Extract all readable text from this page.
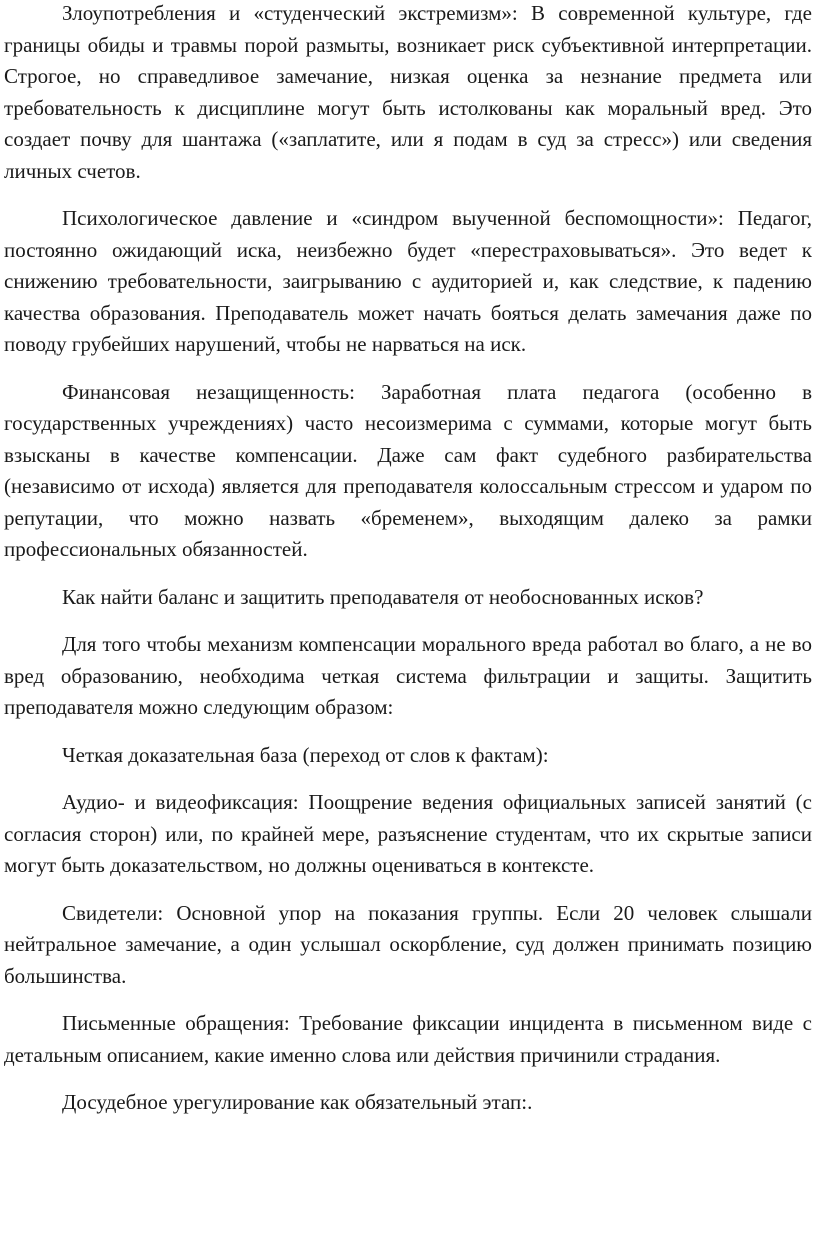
Злоупотребления и «студенческий экстремизм»: В современной культуре, где границы обиды и травмы порой размыты, возникает риск субъективной интерпретации. Строгое, но справедливое замечание, низкая оценка за незнание предмета или требовательность к дисциплине могут быть истолкованы как моральный вред. Это создает почву для шантажа («заплатите, или я подам в суд за стресс») или сведения личных счетов.

Психологическое давление и «синдром выученной беспомощности»: Педагог, постоянно ожидающий иска, неизбежно будет «перестраховываться». Это ведет к снижению требовательности, заигрыванию с аудиторией и, как следствие, к падению качества образования. Преподаватель может начать бояться делать замечания даже по поводу грубейших нарушений, чтобы не нарваться на иск.

Финансовая незащищенность: Заработная плата педагога (особенно в государственных учреждениях) часто несоизмерима с суммами, которые могут быть взысканы в качестве компенсации. Даже сам факт судебного разбирательства (независимо от исхода) является для преподавателя колоссальным стрессом и ударом по репутации, что можно назвать «бременем», выходящим далеко за рамки профессиональных обязанностей.

Как найти баланс и защитить преподавателя от необоснованных исков?

Для того чтобы механизм компенсации морального вреда работал во благо, а не во вред образованию, необходима четкая система фильтрации и защиты. Защитить преподавателя можно следующим образом:

Четкая доказательная база (переход от слов к фактам):

Аудио- и видеофиксация: Поощрение ведения официальных записей занятий (с согласия сторон) или, по крайней мере, разъяснение студентам, что их скрытые записи могут быть доказательством, но должны оцениваться в контексте.

Свидетели: Основной упор на показания группы. Если 20 человек слышали нейтральное замечание, а один услышал оскорбление, суд должен принимать позицию большинства.

Письменные обращения: Требование фиксации инцидента в письменном виде с детальным описанием, какие именно слова или действия причинили страдания.

Досудебное урегулирование как обязательный этап:.
